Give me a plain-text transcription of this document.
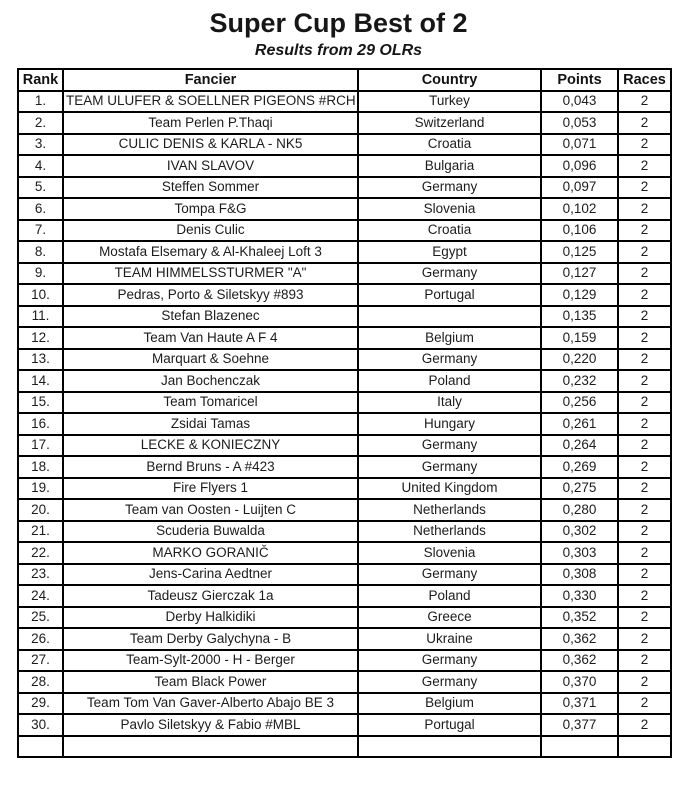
Super Cup Best of 2
Results from 29 OLRs
Rank	Fancier	Country	Points	Races
1.	TEAM ULUFER & SOELLNER PIGEONS #RCH	Turkey	0,043	2
2.	Team Perlen P.Thaqi	Switzerland	0,053	2
3.	CULIC DENIS & KARLA - NK5	Croatia	0,071	2
4.	IVAN SLAVOV	Bulgaria	0,096	2
5.	Steffen Sommer	Germany	0,097	2
6.	Tompa F&G	Slovenia	0,102	2
7.	Denis Culic	Croatia	0,106	2
8.	Mostafa Elsemary & Al-Khaleej Loft 3	Egypt	0,125	2
9.	TEAM HIMMELSSTURMER "A"	Germany	0,127	2
10.	Pedras, Porto & Siletskyy #893	Portugal	0,129	2
11.	Stefan Blazenec		0,135	2
12.	Team Van Haute A F 4	Belgium	0,159	2
13.	Marquart & Soehne	Germany	0,220	2
14.	Jan Bochenczak	Poland	0,232	2
15.	Team Tomaricel	Italy	0,256	2
16.	Zsidai Tamas	Hungary	0,261	2
17.	LECKE & KONIECZNY	Germany	0,264	2
18.	Bernd Bruns - A #423	Germany	0,269	2
19.	Fire Flyers 1	United Kingdom	0,275	2
20.	Team van Oosten - Luijten C	Netherlands	0,280	2
21.	Scuderia Buwalda	Netherlands	0,302	2
22.	MARKO GORANIČ	Slovenia	0,303	2
23.	Jens-Carina Aedtner	Germany	0,308	2
24.	Tadeusz Gierczak 1a	Poland	0,330	2
25.	Derby Halkidiki	Greece	0,352	2
26.	Team Derby Galychyna - B	Ukraine	0,362	2
27.	Team-Sylt-2000 - H - Berger	Germany	0,362	2
28.	Team Black Power	Germany	0,370	2
29.	Team Tom Van Gaver-Alberto Abajo BE 3	Belgium	0,371	2
30.	Pavlo Siletskyy & Fabio #MBL	Portugal	0,377	2
